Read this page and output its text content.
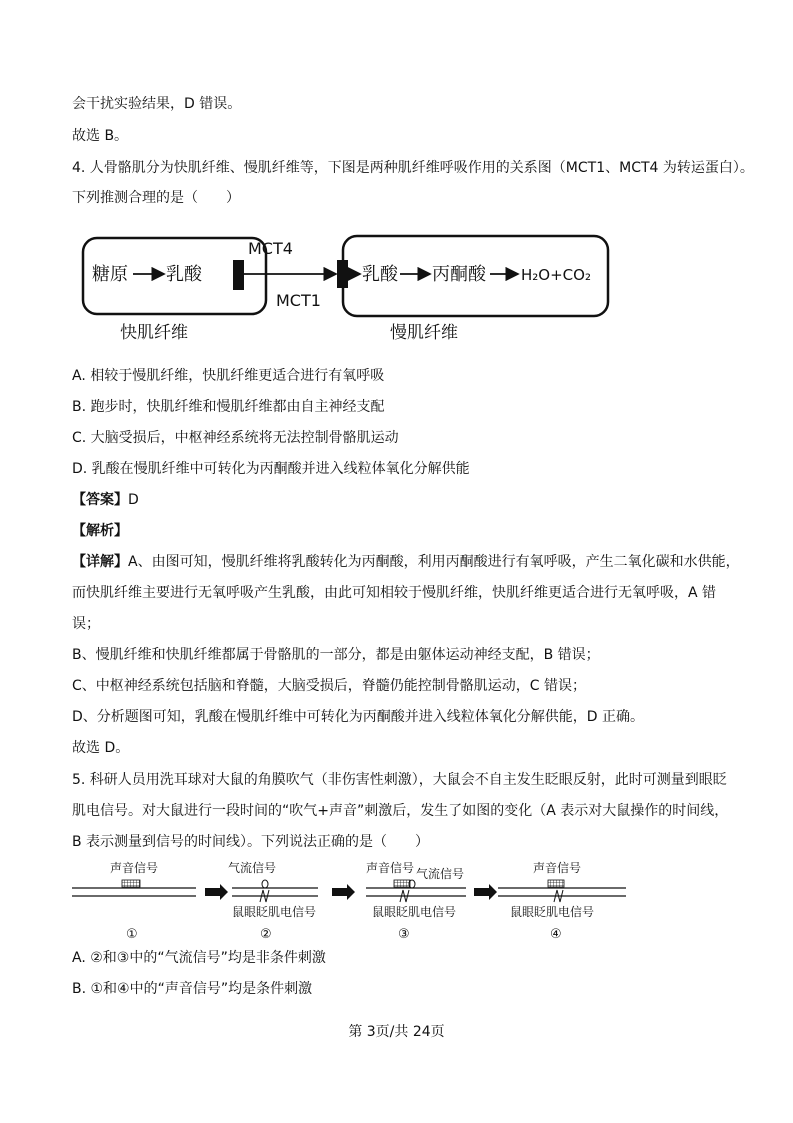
会干扰实验结果，D 错误。
故选 B。
4. 人骨骼肌分为快肌纤维、慢肌纤维等，下图是两种肌纤维呼吸作用的关系图（MCT1、MCT4 为转运蛋白）。
下列推测合理的是（　　）
糖原 乳酸
MCT4
MCT1
乳酸 丙酮酸 H₂O+CO₂
快肌纤维	慢肌纤维
A. 相较于慢肌纤维，快肌纤维更适合进行有氧呼吸
B. 跑步时，快肌纤维和慢肌纤维都由自主神经支配
C. 大脑受损后，中枢神经系统将无法控制骨骼肌运动
D. 乳酸在慢肌纤维中可转化为丙酮酸并进入线粒体氧化分解供能
【答案】D
【解析】
【详解】A、由图可知，慢肌纤维将乳酸转化为丙酮酸，利用丙酮酸进行有氧呼吸，产生二氧化碳和水供能，
而快肌纤维主要进行无氧呼吸产生乳酸，由此可知相较于慢肌纤维，快肌纤维更适合进行无氧呼吸，A 错
误；
B、慢肌纤维和快肌纤维都属于骨骼肌的一部分，都是由躯体运动神经支配，B 错误；
C、中枢神经系统包括脑和脊髓，大脑受损后，脊髓仍能控制骨骼肌运动，C 错误；
D、分析题图可知，乳酸在慢肌纤维中可转化为丙酮酸并进入线粒体氧化分解供能，D 正确。
故选 D。
5. 科研人员用洗耳球对大鼠的角膜吹气（非伤害性刺激），大鼠会不自主发生眨眼反射，此时可测量到眼眨
肌电信号。对大鼠进行一段时间的“吹气+声音”刺激后，发生了如图的变化（A 表示对大鼠操作的时间线，
B 表示测量到信号的时间线）。下列说法正确的是（　　）
声音信号
①
气流信号
鼠眼眨肌电信号
②
声音信号 气流信号
鼠眼眨肌电信号
③
声音信号
鼠眼眨肌电信号
④
A. ②和③中的“气流信号”均是非条件刺激
B. ①和④中的“声音信号”均是条件刺激
第 3页/共 24页
